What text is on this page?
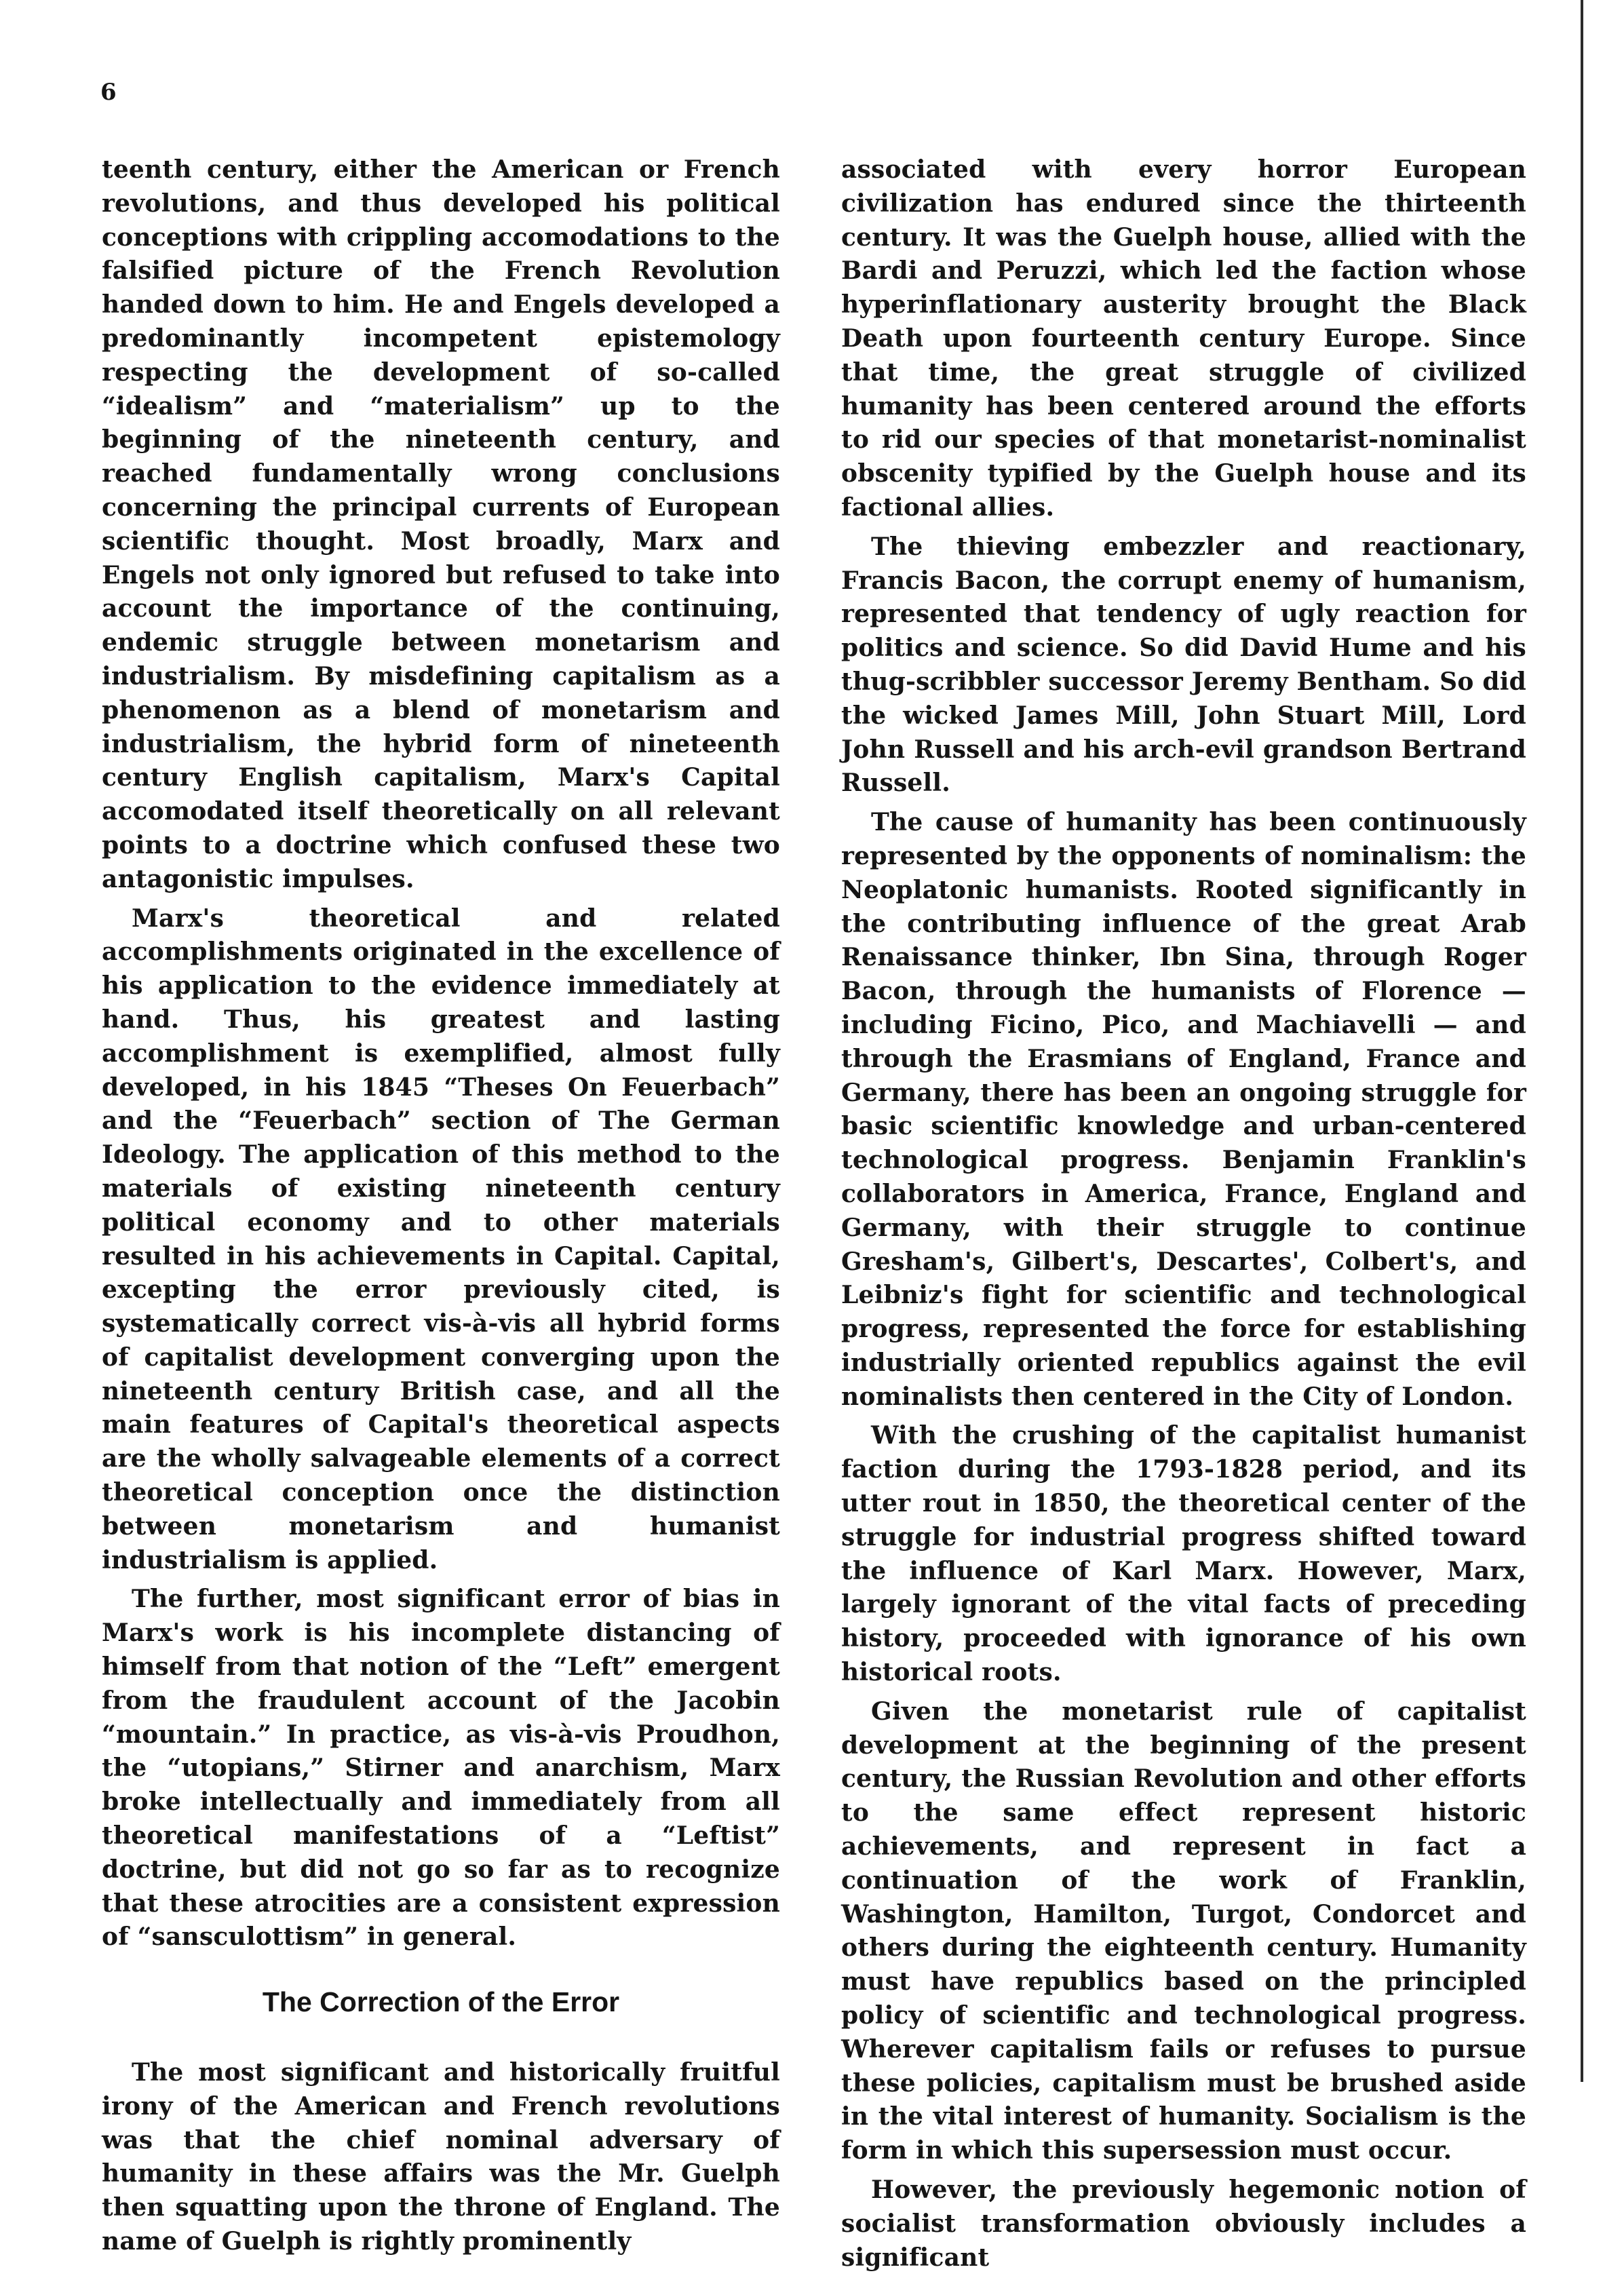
6

teenth century, either the American or French revolutions, and thus developed his political conceptions with crippling accomodations to the falsified picture of the French Revolution handed down to him. He and Engels developed a predominantly incompetent epistemology respecting the development of so-called “idealism” and “materialism” up to the beginning of the nineteenth century, and reached fundamentally wrong conclusions concerning the principal currents of European scientific thought. Most broadly, Marx and Engels not only ignored but refused to take into account the importance of the continuing, endemic struggle between monetarism and industrialism. By misdefining capitalism as a phenomenon as a blend of monetarism and industrialism, the hybrid form of nineteenth century English capitalism, Marx's Capital accomodated itself theoretically on all relevant points to a doctrine which confused these two antagonistic impulses.

Marx's theoretical and related accomplishments originated in the excellence of his application to the evidence immediately at hand. Thus, his greatest and lasting accomplishment is exemplified, almost fully developed, in his 1845 “Theses On Feuerbach” and the “Feuerbach” section of The German Ideology. The application of this method to the materials of existing nineteenth century political economy and to other materials resulted in his achievements in Capital. Capital, excepting the error previously cited, is systematically correct vis-à-vis all hybrid forms of capitalist development converging upon the nineteenth century British case, and all the main features of Capital's theoretical aspects are the wholly salvageable elements of a correct theoretical conception once the distinction between monetarism and humanist industrialism is applied.

The further, most significant error of bias in Marx's work is his incomplete distancing of himself from that notion of the “Left” emergent from the fraudulent account of the Jacobin “mountain.” In practice, as vis-à-vis Proudhon, the “utopians,” Stirner and anarchism, Marx broke intellectually and immediately from all theoretical manifestations of a “Leftist” doctrine, but did not go so far as to recognize that these atrocities are a consistent expression of “sansculottism” in general.

The Correction of the Error

The most significant and historically fruitful irony of the American and French revolutions was that the chief nominal adversary of humanity in these affairs was the Mr. Guelph then squatting upon the throne of England. The name of Guelph is rightly prominently

associated with every horror European civilization has endured since the thirteenth century. It was the Guelph house, allied with the Bardi and Peruzzi, which led the faction whose hyperinflationary austerity brought the Black Death upon fourteenth century Europe. Since that time, the great struggle of civilized humanity has been centered around the efforts to rid our species of that monetarist-nominalist obscenity typified by the Guelph house and its factional allies.

The thieving embezzler and reactionary, Francis Bacon, the corrupt enemy of humanism, represented that tendency of ugly reaction for politics and science. So did David Hume and his thug-scribbler successor Jeremy Bentham. So did the wicked James Mill, John Stuart Mill, Lord John Russell and his arch-evil grandson Bertrand Russell.

The cause of humanity has been continuously represented by the opponents of nominalism: the Neoplatonic humanists. Rooted significantly in the contributing influence of the great Arab Renaissance thinker, Ibn Sina, through Roger Bacon, through the humanists of Florence — including Ficino, Pico, and Machiavelli — and through the Erasmians of England, France and Germany, there has been an ongoing struggle for basic scientific knowledge and urban-centered technological progress. Benjamin Franklin's collaborators in America, France, England and Germany, with their struggle to continue Gresham's, Gilbert's, Descartes', Colbert's, and Leibniz's fight for scientific and technological progress, represented the force for establishing industrially oriented republics against the evil nominalists then centered in the City of London.

With the crushing of the capitalist humanist faction during the 1793-1828 period, and its utter rout in 1850, the theoretical center of the struggle for industrial progress shifted toward the influence of Karl Marx. However, Marx, largely ignorant of the vital facts of preceding history, proceeded with ignorance of his own historical roots.

Given the monetarist rule of capitalist development at the beginning of the present century, the Russian Revolution and other efforts to the same effect represent historic achievements, and represent in fact a continuation of the work of Franklin, Washington, Hamilton, Turgot, Condorcet and others during the eighteenth century. Humanity must have republics based on the principled policy of scientific and technological progress. Wherever capitalism fails or refuses to pursue these policies, capitalism must be brushed aside in the vital interest of humanity. Socialism is the form in which this supersession must occur.

However, the previously hegemonic notion of socialist transformation obviously includes a significant
